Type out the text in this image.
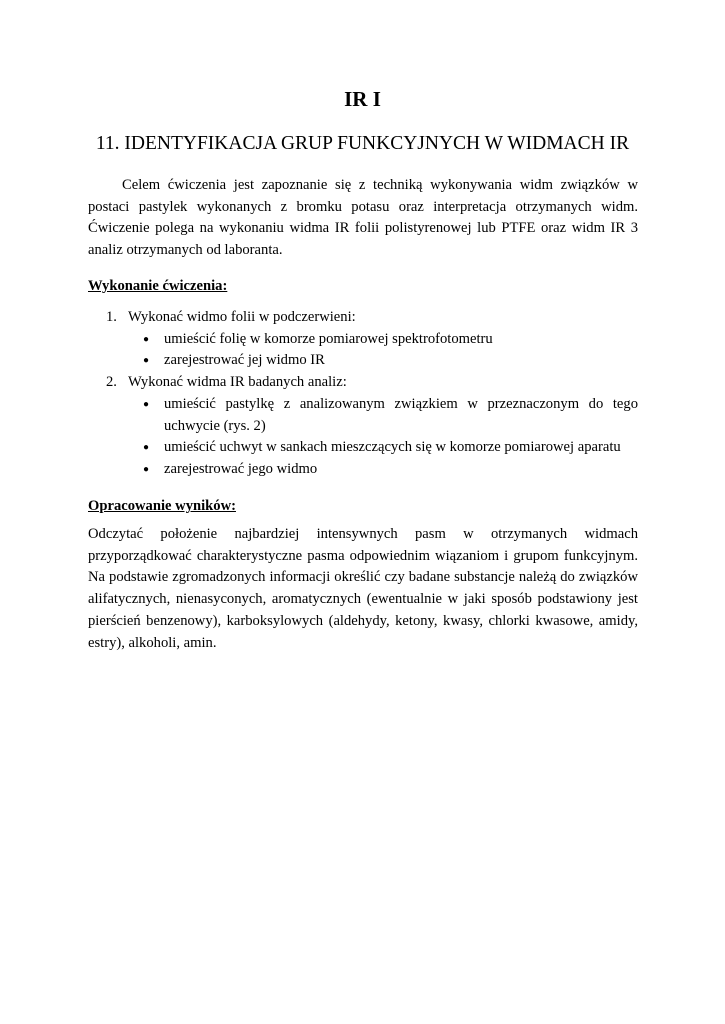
IR I
11. IDENTYFIKACJA GRUP FUNKCYJNYCH W WIDMACH IR

Celem ćwiczenia jest zapoznanie się z techniką wykonywania widm związków w postaci pastylek wykonanych z bromku potasu oraz interpretacja otrzymanych widm. Ćwiczenie polega na wykonaniu widma IR folii polistyrenowej lub PTFE oraz widm IR 3 analiz otrzymanych od laboranta.

Wykonanie ćwiczenia:
1. Wykonać widmo folii w podczerwieni:
● umieścić folię w komorze pomiarowej spektrofotometru
● zarejestrować jej widmo IR
2. Wykonać widma IR badanych analiz:
● umieścić pastylkę z analizowanym związkiem w przeznaczonym do tego uchwycie (rys. 2)
● umieścić uchwyt w sankach mieszczących się w komorze pomiarowej aparatu
● zarejestrować jego widmo
Opracowanie wyników:

Odczytać położenie najbardziej intensywnych pasm w otrzymanych widmach przyporządkować charakterystyczne pasma odpowiednim wiązaniom i grupom funkcyjnym. Na podstawie zgromadzonych informacji określić czy badane substancje należą do związków alifatycznych, nienasyconych, aromatycznych (ewentualnie w jaki sposób podstawiony jest pierścień benzenowy), karboksylowych (aldehydy, ketony, kwasy, chlorki kwasowe, amidy, estry), alkoholi, amin.
